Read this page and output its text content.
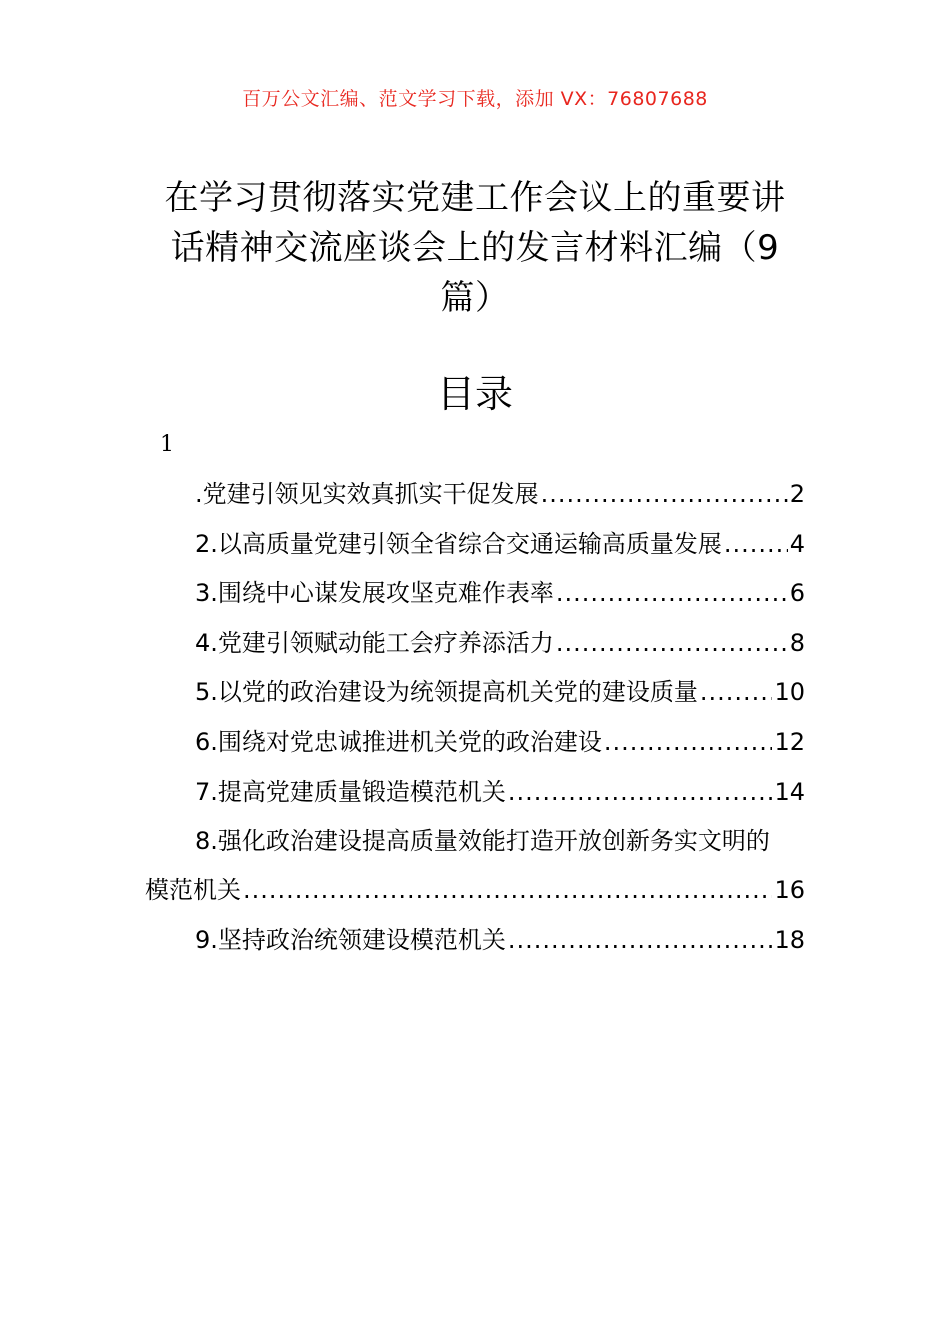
百万公文汇编、范文学习下载，添加 VX：76807688
在学习贯彻落实党建工作会议上的重要讲
话精神交流座谈会上的发言材料汇编（9
篇）
目录
1
.党建引领见实效真抓实干促发展 .....	2
2.以高质量党建引领全省综合交通运输高质量发展 .....	4
3.围绕中心谋发展攻坚克难作表率 .....	6
4.党建引领赋动能工会疗养添活力 .....	8
5.以党的政治建设为统领提高机关党的建设质量 .....	10
6.围绕对党忠诚推进机关党的政治建设 .....	12
7.提高党建质量锻造模范机关 .....	14
8.强化政治建设提高质量效能打造开放创新务实文明的
模范机关 .....	16
9.坚持政治统领建设模范机关 .....	18
